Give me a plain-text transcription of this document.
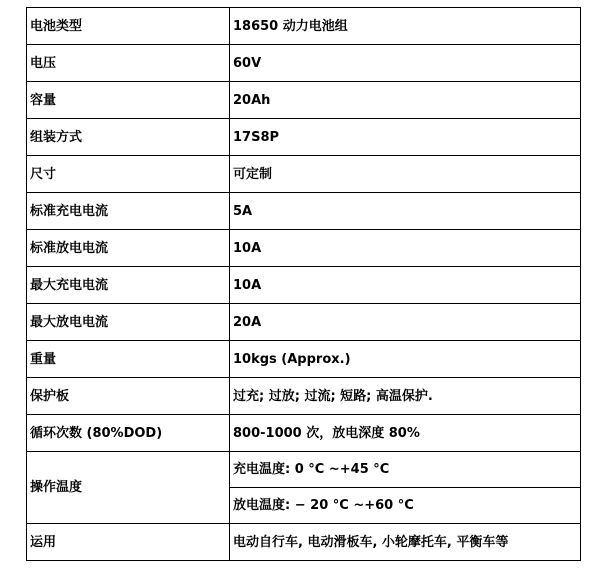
电池类型	18650 动力电池组
电压	60V
容量	20Ah
组装方式	17S8P
尺寸	可定制
标准充电电流	5A
标准放电电流	10A
最大充电电流	10A
最大放电电流	20A
重量	10kgs (Approx.)
保护板	过充; 过放; 过流; 短路; 高温保护.
循环次数 (80%DOD)	800-1000 次，放电深度 80%
操作温度	充电温度: 0 °C ~+45 °C
	放电温度: − 20 °C ~+60 °C
运用	电动自行车, 电动滑板车, 小轮摩托车, 平衡车等
